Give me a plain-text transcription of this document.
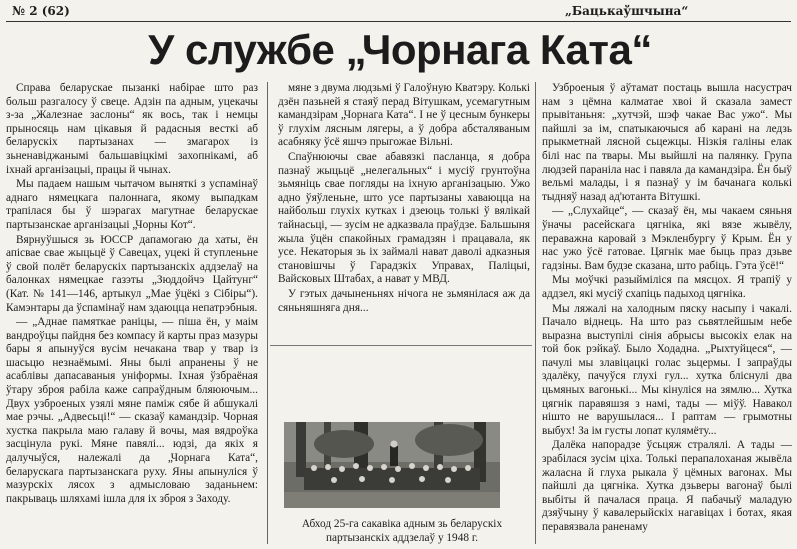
№ 2 (62)	„Бацькаўшчына“
У службе „Чорнага Ката“

Справа беларускае пызанкі набірае што раз больш разгалосу ў свеце. Адзін па адным, уцекачы з-за „Жалезнае заслоны“ як вось, так і немцы прыносяць нам цікавыя й радасныя весткі аб беларускіх партызанах — змагарох із зьненавіджанымі бальшавіцкімі захопнікамі, аб іхнай арганізацыі, працы й чынах.

Мы падаем нашым чытачом выняткі з успамінаў аднаго нямецкага палоннага, якому выпадкам трапілася бы ў шэрагах магутнае беларускае партызанскае арганізацыі „Чорны Кот“.

Вярнуўшыся зь ЮССР дапамогаю да хаты, ён апісвае свае жыцьцё ў Савецах, уцекі й ступленьне ў свой полёт беларускіх партызанскіх аддзелаў на балонках нямецкае газэты „Зюддойчэ Цайтунг“ (Кат. № 141—146, артыкул „Мае ўцёкі з Сібіры“). Камэнтары да ўспамінаў нам здаюцца непатрэбныя.

— „Аднае памяткае раніцы, — піша ён, у маім вандроўцы пайдня без компасу й карты праз мазуры бары я апынуўся вусім нечакана твар у твар із шасьцю незнаёмымі. Яны былі апранены ў не асаблівы дапасаваныя уніформы. Іхная ўзбраёная ўтару зброя рабіла каже сапраўдным бляюючым... Двух узброеных узялі мяне паміж сябе й абшукалі мае рэчы. „Адвесьці!“ — сказаў камандзір. Чорная хустка пакрыла маю галаву й вочы, мая вядроўка засцінула рукі. Мяне павялі... юдзі, да якіх я далучыўся, належалі да „Чорнага Ката“, беларускага партызанскага руху. Яны апынуліся ў мазурскіх лясох з адмысловаю заданьнем: пакрываць шляхамі ішла для іх зброя з Заходу.

мяне з двума людзьмі ў Галоўную Кватэру. Колькі дзён пазьней я стаяў перад Вітушкам, усемагутным камандзірам „Чорнага Ката“. І не ў цесным бункеры ў глухім лясным лягеры, а ў добра абсталяваным асабняку ўсё яшчэ прыгожае Вільні.

Спаўнюючы свае абавязкі пасланца, я добра пазнаў жыцьцё „нелегальных“ і мусіў грунтоўна зьмяніць свае погляды на іхную арганізацыю. Ужо адно ўяўленьне, што усе партызаны хаваюцца на найбольш глухіх кутках і дзеюць толькі ў вялікай тайнасьці, — зусім не адказвала праўдзе. Бальшыня жыла ўцён спакойных грамадзян і працавала, як усе. Некаторыя зь іх займалі нават даволі адказныя становішчы ў Гарадзкіх Управах, Паліцыі, Вайсковых Штабах, а нават у МВД.

У гэтых дачыненьнях нічога не зьмянілася аж да сяньняшняга дня...

Абход 25-га сакавіка адным зь беларускіх партызанскіх аддзелаў у 1948 г.

Узброеныя ў аўтамат постаць вышла насустрач нам з цёмна калматае хвоі й сказала замест прывітаньня: „хутчэй, шэф чакае Вас ужо“. Мы пайшлі за ім, спатыкаючыся аб карані на ледзь прыкметнай лясной сьцежцы. Нізкія галіны елак білі нас па твары. Мы выйшлі на палянку. Група людзей параніла нас і павяла да камандзіра. Ён быў вельмі малады, і я пазнаў у ім бачанага колькі тыдняў назад ад'ютанта Вітушкі.

— „Слухайце“, — сказаў ён, мы чакаем сяньня ўначы расейскага цягніка, які вязе жывёлу, пераважна каровай з Мэкленбургу ў Крым. Ён у нас ужо ўсё гатовае. Цягнік мае быць праз дзьве гадзіны. Вам будзе сказана, што рабіць. Гэта ўсё!“

Мы моўчкі разыйміліся па мясцох. Я трапіў у аддзел, які мусіў схапіць падыход цягніка.

Мы ляжалі на халодным пяску насыпу і чакалі. Пачало віднець. На што раз сьвятлейшым небе выразна выступілі сінія абрысы высокіх елак на той бок рэйкаў. Было Ходадна. „Рыхтуйцеся“, — пачулі мы злавіцацкі голас зьцермы. І запраўды здалёку, пачуўся глухі гул... хутка бліснулі два цьмяных вагонькі... Мы кінуліся на зямлю... Хутка цягнік паравяшзя з намі, тады — міўў. Навакол нішто не варушылася... І раптам — грымотны выбух! За ім густы лопат кулямёту...

Далёка напорадзе ўсьцяж стралялі. А тады — зрабілася зусім ціха. Толькі перапалоханая жывёла жаласна й глуха рыкала ў цёмных вагонах. Мы пайшлі да цягніка. Хутка дзьверы вагонаў былі выбіты й пачалася праца. Я пабачыў маладую дзяўчыну ў кавалерыйскіх нагавіцах і ботах, якая перавязвала раненаму
